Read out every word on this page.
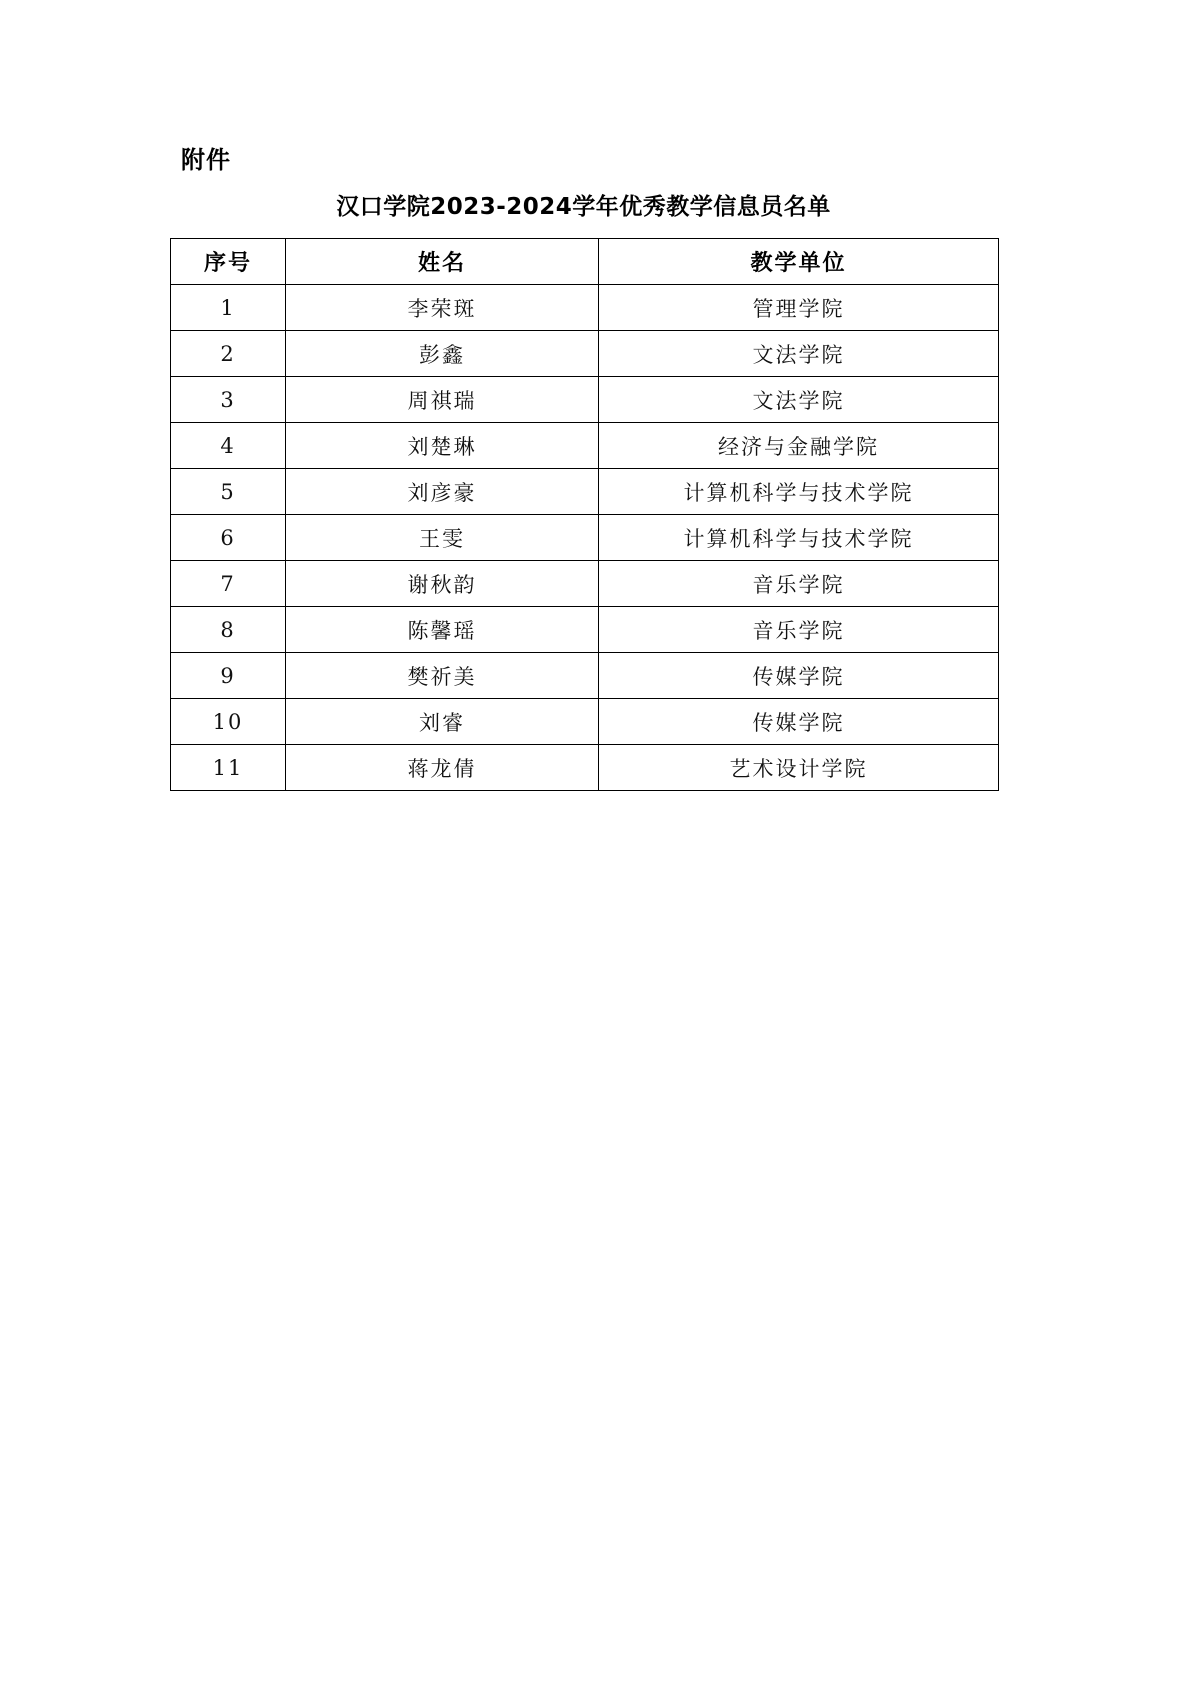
附件
汉口学院2023-2024学年优秀教学信息员名单
序号	姓名	教学单位
1	李荣斑	管理学院
2	彭鑫	文法学院
3	周祺瑞	文法学院
4	刘楚琳	经济与金融学院
5	刘彦豪	计算机科学与技术学院
6	王雯	计算机科学与技术学院
7	谢秋韵	音乐学院
8	陈馨瑶	音乐学院
9	樊祈美	传媒学院
10	刘睿	传媒学院
11	蒋龙倩	艺术设计学院
